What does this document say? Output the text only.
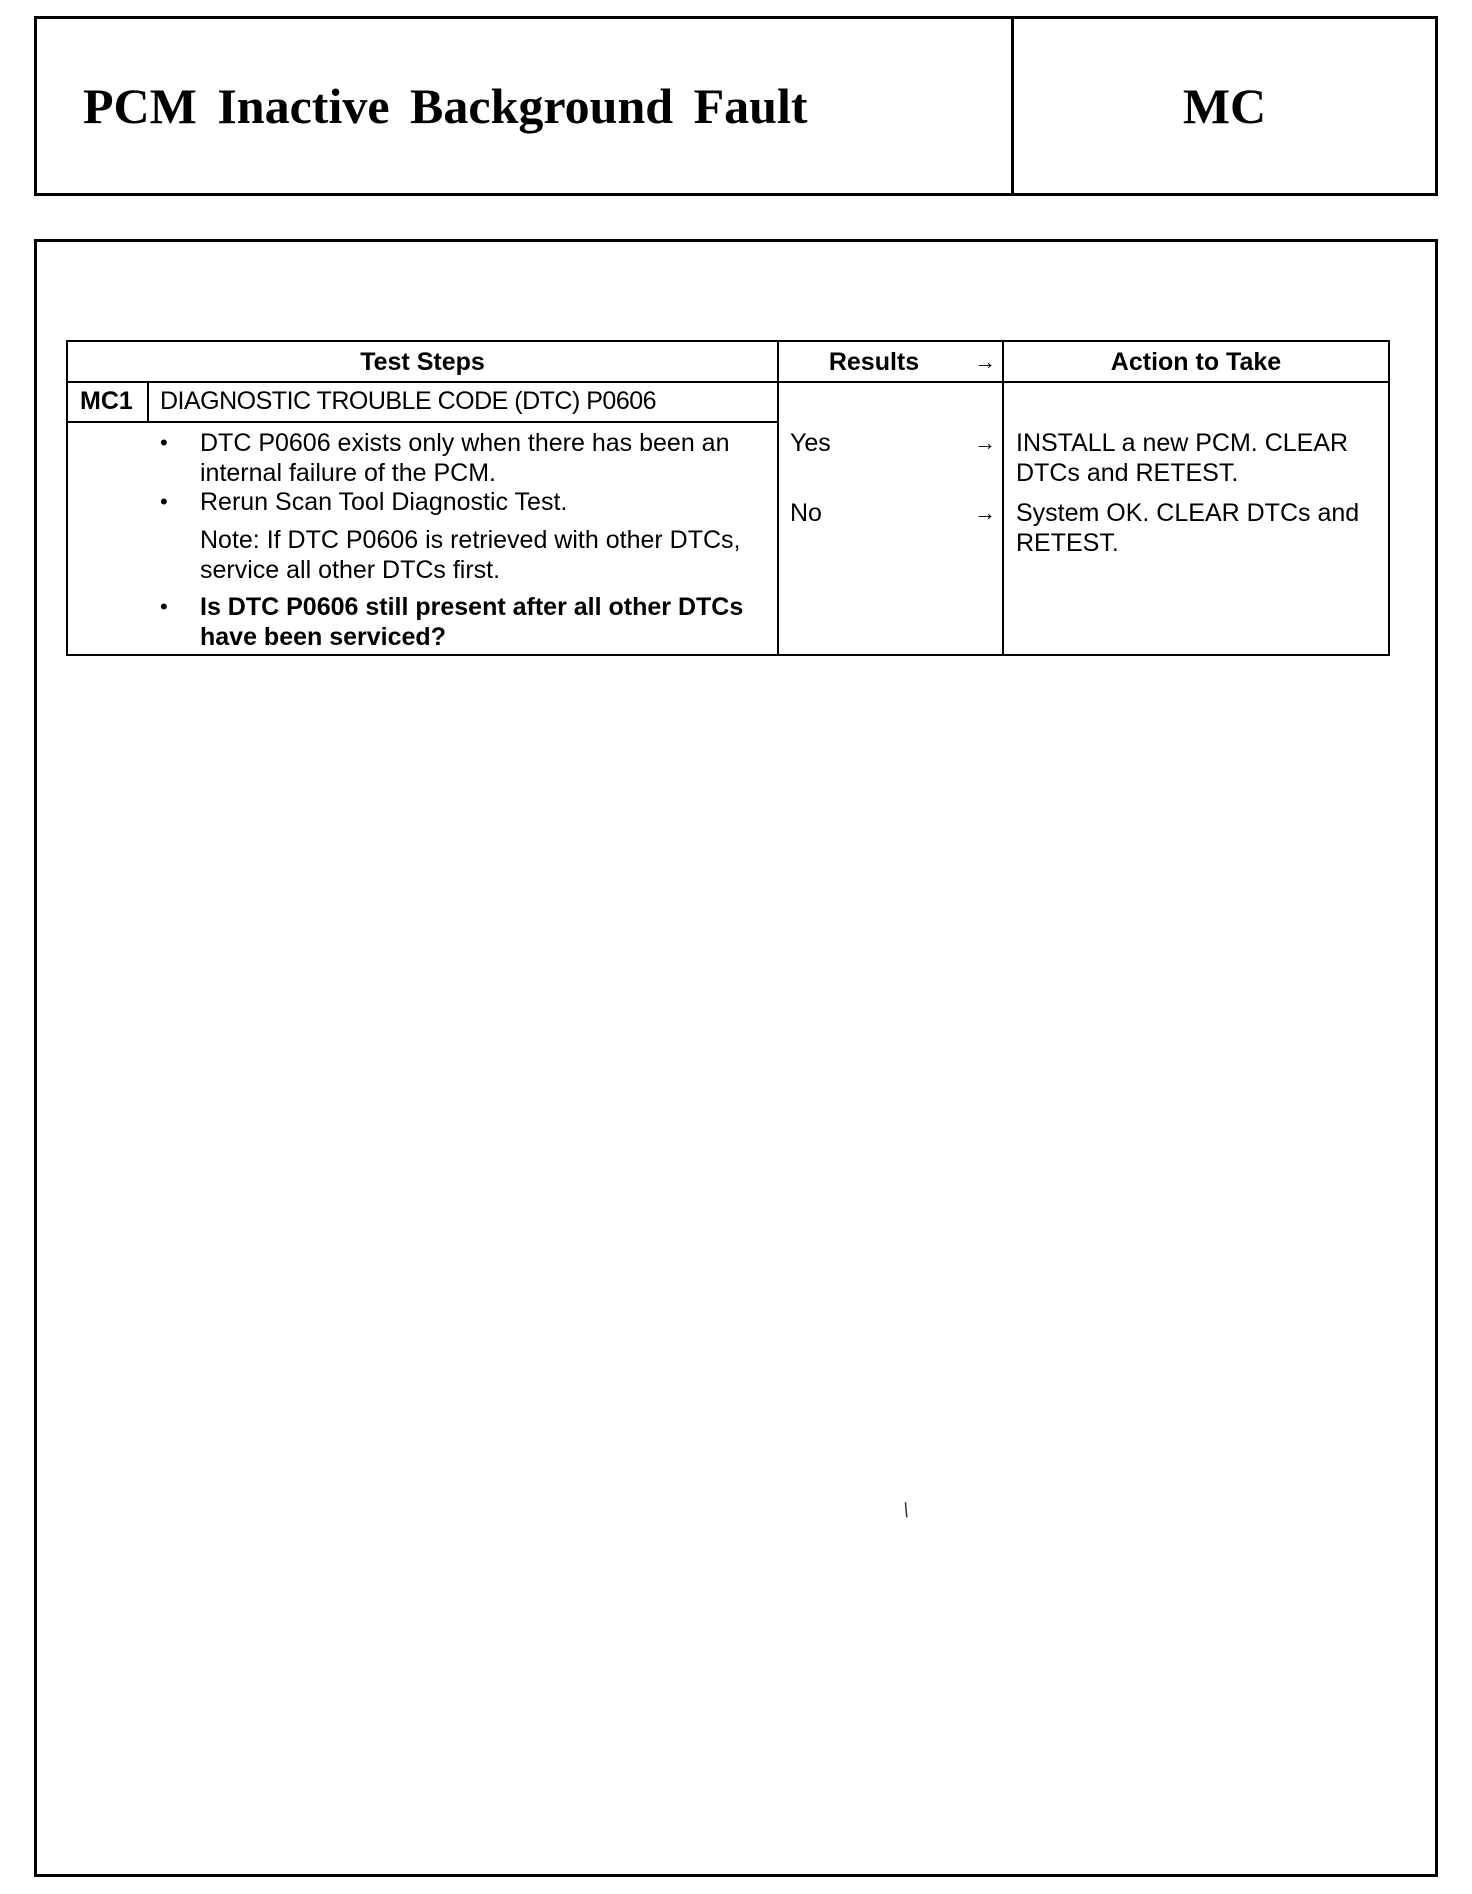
PCM Inactive Background Fault	MC
Test Steps	Results	→	Action to Take
MC1 DIAGNOSTIC TROUBLE CODE (DTC) P0606
• DTC P0606 exists only when there has been an internal failure of the PCM.
• Rerun Scan Tool Diagnostic Test.
Note: If DTC P0606 is retrieved with other DTCs, service all other DTCs first.
• Is DTC P0606 still present after all other DTCs have been serviced?
Yes	→ INSTALL a new PCM. CLEAR DTCs and RETEST.
No	→ System OK. CLEAR DTCs and RETEST.
\
